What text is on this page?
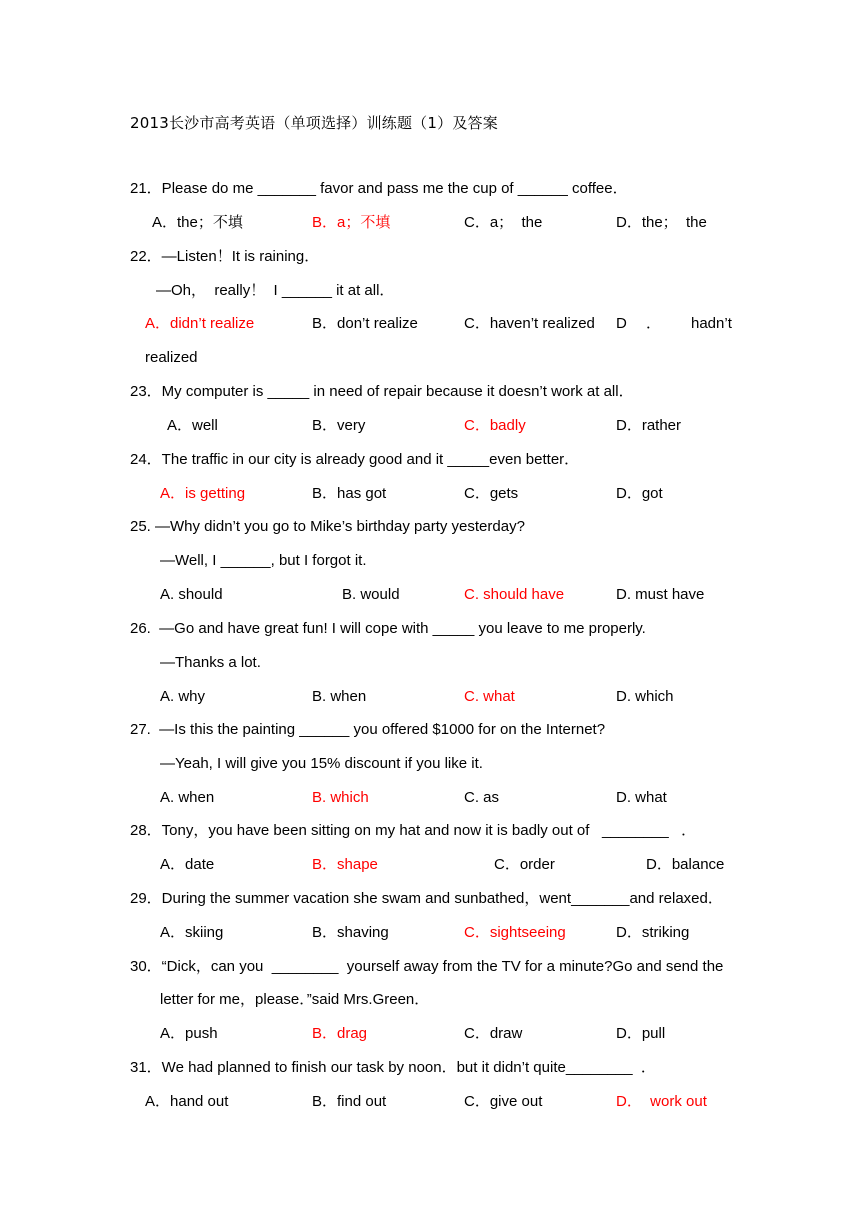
2013长沙市高考英语（单项选择）训练题（1）及答案
21．Please do me _______ favor and pass me the cup of ______ coffee．
A．the；不填	B．a；不填	C．a；  the	D．the；  the
22．—Listen！It is raining．
—Oh，  really！  I ______ it at all．
A．didn’t realize	B．don’t realize	C．haven’t realized D ． hadn’t
realized
23．My computer is _____ in need of repair because it doesn’t work at all．
A．well	B．very	C．badly	D．rather
24．The traffic in our city is already good and it _____even better．
A．is getting	B．has got	C．gets	D．got
25. —Why didn’t you go to Mike’s birthday party yesterday?
—Well, I ______, but I forgot it.
A. should	B. would	C. should have	D. must have
26.  —Go and have great fun! I will cope with _____ you leave to me properly.
—Thanks a lot.
A. why	B. when	C. what	D. which
27.  —Is this the painting ______ you offered $1000 for on the Internet?
—Yeah, I will give you 15% discount if you like it.
A. when	B. which	C. as	D. what
28．Tony，you have been sitting on my hat and now it is badly out of   ________   ．
A．date	B．shape	C．order	D．balance
29．During the summer vacation she swam and sunbathed，went_______and relaxed．
A．skiing	B．shaving	C．sightseeing	D．striking
30．“Dick，can you  ________  yourself away from the TV for a minute?Go and send the
letter for me，please．”said Mrs.Green．
A．push	B．drag	C．draw	D．pull
31．We had planned to finish our task by noon．but it didn’t quite________  ．
A．hand out	B．find out	C．give out	D．  work out
